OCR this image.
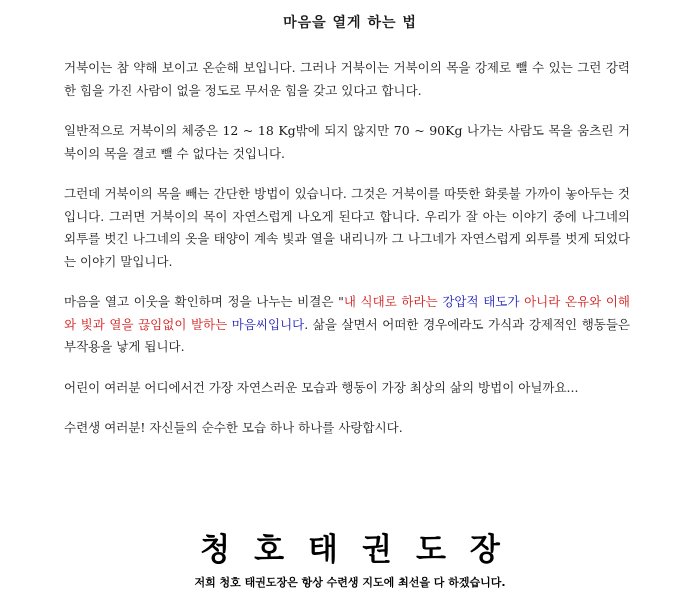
마음을 열게 하는 법

거북이는 참 약해 보이고 온순해 보입니다. 그러나 거북이는 거북이의 목을 강제로 뺄 수 있는 그런 강력한 힘을 가진 사람이 없을 정도로 무서운 힘을 갖고 있다고 합니다.

일반적으로 거북이의 체중은 12 ~ 18 Kg밖에 되지 않지만 70 ~ 90Kg 나가는 사람도 목을 움츠린 거북이의 목을 결코 뺄 수 없다는 것입니다.

그런데 거북이의 목을 빼는 간단한 방법이 있습니다. 그것은 거북이를 따뜻한 화롯불 가까이 놓아두는 것입니다. 그러면 거북이의 목이 자연스럽게 나오게 된다고 합니다. 우리가 잘 아는 이야기 중에 나그네의 외투를 벗긴 나그네의 옷을 태양이 계속 빛과 열을 내리니까 그 나그네가 자연스럽게 외투를 벗게 되었다는 이야기 말입니다.

마음을 열고 이웃을 확인하며 정을 나누는 비결은 "내 식대로 하라는 강압적 태도가 아니라 온유와 이해와 빛과 열을 끊임없이 발하는 마음씨입니다. 삶을 살면서 어떠한 경우에라도 가식과 강제적인 행동들은 부작용을 낳게 됩니다.

어린이 여러분 어디에서건 가장 자연스러운 모습과 행동이 가장 최상의 삶의 방법이 아닐까요...

수련생 여러분! 자신들의 순수한 모습 하나 하나를 사랑합시다.

청호태권도장
저희 청호 태권도장은 항상 수련생 지도에 최선을 다 하겠습니다.
